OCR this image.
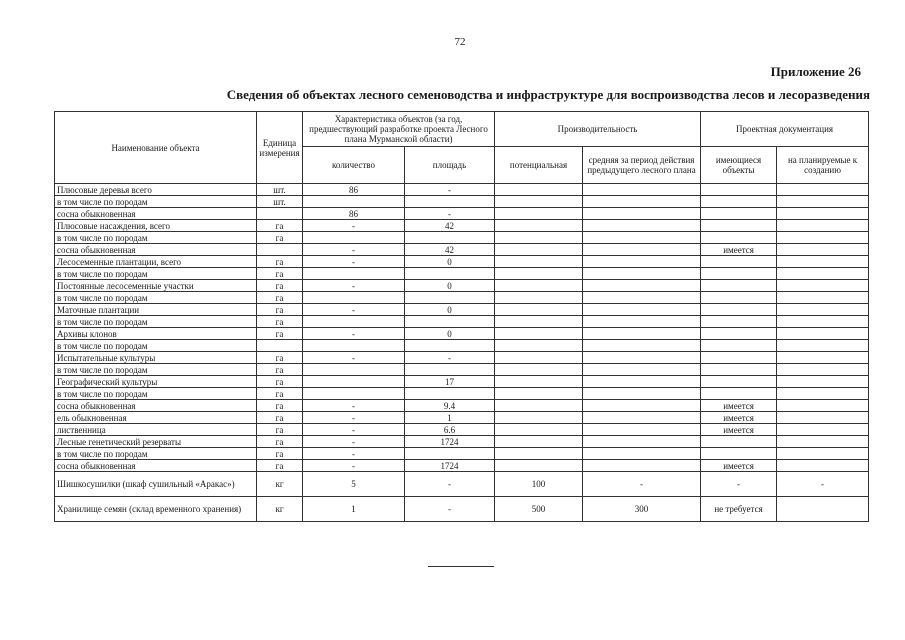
72
Приложение 26
Сведения об объектах лесного семеноводства и инфраструктуре для воспроизводства лесов и лесоразведения
Наименование объекта	Единица измерения	Характеристика объектов (за год, предшествующий разработке проекта Лесного плана Мурманской области)		Производительность		Проектная документация	
		количество	площадь	потенциальная	средняя за период действия предыдущего лесного плана	имеющиеся объекты	на планируемые к созданию
Плюсовые деревья всего	шт.	86	-				
в том числе по породам	шт.						
сосна обыкновенная		86	-				
Плюсовые насаждения, всего	га	-	42				
в том числе по породам	га						
сосна обыкновенная		-	42			имеется	
Лесосеменные плантации, всего	га	-	0				
в том числе по породам	га						
Постоянные лесосеменные участки	га	-	0				
в том числе по породам	га						
Маточные плантации	га	-	0				
в том числе по породам	га						
Архивы клонов	га	-	0				
в том числе по породам							
Испытательные культуры	га	-	-				
в том числе по породам	га						
Географический культуры	га		17				
в том числе по породам	га						
сосна обыкновенная	га	-	9.4			имеется	
ель обыкновенная	га	-	1			имеется	
лиственница	га	-	6.6			имеется	
Лесные генетический резерваты	га	-	1724				
в том числе по породам	га	-					
сосна обыкновенная	га	-	1724			имеется	
Шишкосушилки (шкаф сушильный «Аракас»)	кг	5	-	100	-	-	-
Хранилище семян (склад временного хранения)	кг	1	-	500	300	не требуется	
